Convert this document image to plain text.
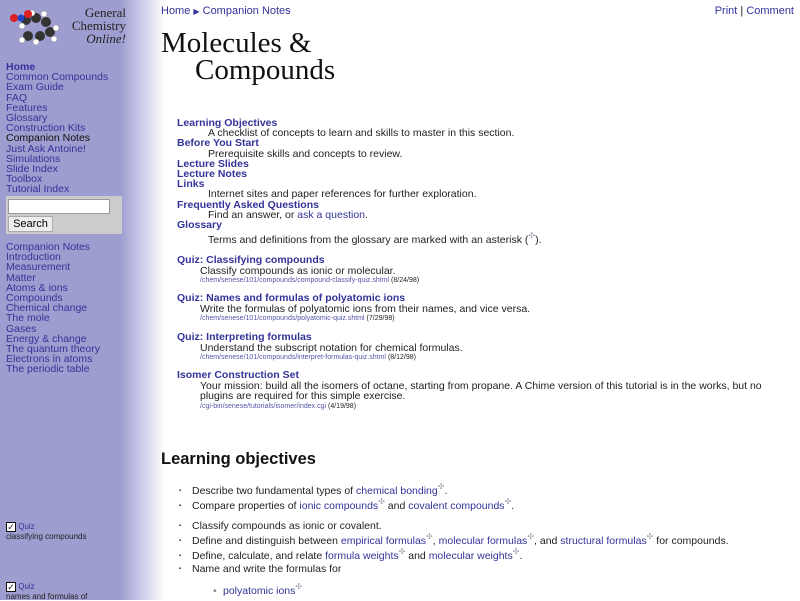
General
Chemistry
Online!
Home
Common Compounds
Exam Guide
FAQ
Features
Glossary
Construction Kits
Companion Notes
Just Ask Antoine!
Simulations
Slide Index
Toolbox
Tutorial Index
Search
Companion Notes
Introduction
Measurement
Matter
Atoms & ions
Compounds
Chemical change
The mole
Gases
Energy & change
The quantum theory
Electrons in atoms
The periodic table
✓ Quiz
classifying compounds
✓ Quiz
names and formulas of
Home ▶ Companion Notes	Print | Comment
Molecules &
Compounds
Learning Objectives
A checklist of concepts to learn and skills to master in this section.
Before You Start
Prerequisite skills and concepts to review.
Lecture Slides
Lecture Notes
Links
Internet sites and paper references for further exploration.
Frequently Asked Questions
Find an answer, or ask a question.
Glossary
Terms and definitions from the glossary are marked with an asterisk (✣).
Quiz: Classifying compounds
Classify compounds as ionic or molecular.
/chem/senese/101/compounds/compound-classify-quiz.shtml (8/24/98)
Quiz: Names and formulas of polyatomic ions
Write the formulas of polyatomic ions from their names, and vice versa.
/chem/senese/101/compounds/polyatomic-quiz.shtml (7/29/98)
Quiz: Interpreting formulas
Understand the subscript notation for chemical formulas.
/chem/senese/101/compounds/interpret-formulas-quiz.shtml (8/12/98)
Isomer Construction Set
Your mission: build all the isomers of octane, starting from propane. A Chime version of this tutorial is in the works, but no plugins are required for this simple exercise.
/cgi-bin/senese/tutorials/isomer/index.cgi (4/19/98)
Learning objectives
▪ Describe two fundamental types of chemical bonding✣.
▪ Compare properties of ionic compounds✣ and covalent compounds✣.
▪ Classify compounds as ionic or covalent.
▪ Define and distinguish between empirical formulas✣, molecular formulas✣, and structural formulas✣ for compounds.
▪ Define, calculate, and relate formula weights✣ and molecular weights✣.
▪ Name and write the formulas for
• polyatomic ions✣
